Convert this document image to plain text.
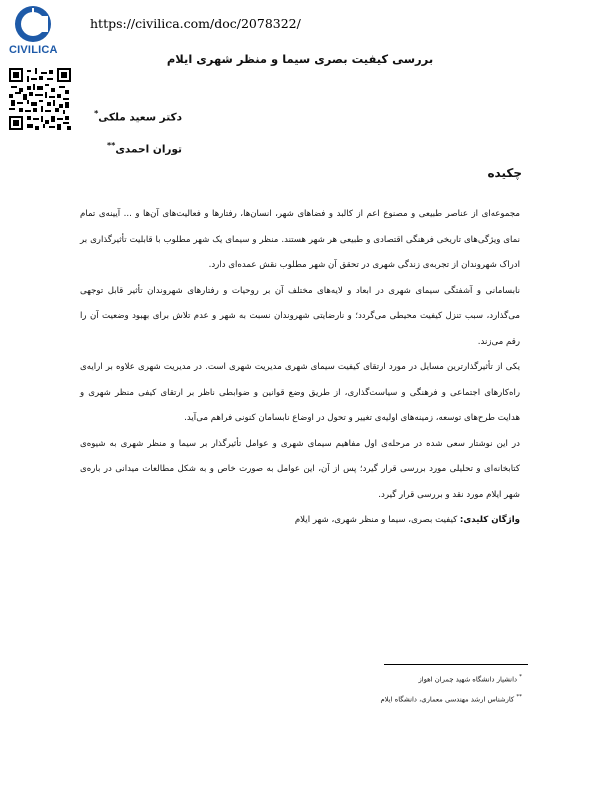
CIVILICA
https://civilica.com/doc/2078322/
بررسی کیفیت بصری سیما و منظر شهری ایلام
دکتر سعید ملکی*
توران احمدی**
چکیده

مجموعه‌ای از عناصر طبیعی و مصنوع اعم از کالبد و فضاهای شهر، انسان‌ها، رفتارها و فعالیت‌های آن‌ها و ... آیینه‌ی تمام نمای ویژگی‌های تاریخی فرهنگی اقتصادی و طبیعی هر شهر هستند. منظر و سیمای یک شهر مطلوب با قابلیت تأثیرگذاری بر ادراک شهروندان از تجربه‌ی زندگی شهری در تحقق آن شهر مطلوب نقش عمده‌ای دارد.

نابسامانی و آشفتگی سیمای شهری در ابعاد و لایه‌های مختلف آن بر روحیات و رفتارهای شهروندان تأثیر قابل توجهی می‌گذارد، سبب تنزل کیفیت محیطی می‌گردد؛ و نارضایتی شهروندان نسبت به شهر و عدم تلاش برای بهبود وضعیت آن را رقم می‌زند.

یکی از تأثیرگذارترین مسایل در مورد ارتقای کیفیت سیمای شهری مدیریت شهری است. در مدیریت شهری علاوه بر ارایه‌ی راه‌کارهای اجتماعی و فرهنگی و سیاست‌گذاری، از طریق وضع قوانین و ضوابطی ناظر بر ارتقای کیفی منظر شهری و هدایت طرح‌های توسعه، زمینه‌های اولیه‌ی تغییر و تحول در اوضاع نابسامان کنونی فراهم می‌آید.

در این نوشتار سعی شده در مرحله‌ی اول مفاهیم سیمای شهری و عوامل تأثیرگذار بر سیما و منظر شهری به شیوه‌ی کتابخانه‌ای و تحلیلی مورد بررسی قرار گیرد؛ پس از آن، این عوامل به صورت خاص و به شکل مطالعات میدانی در باره‌ی شهر ایلام مورد نقد و بررسی قرار گیرد.

واژگان کلیدی: کیفیت بصری، سیما و منظر شهری، شهر ایلام

* دانشیار دانشگاه شهید چمران اهواز
** کارشناس ارشد مهندسی معماری، دانشگاه ایلام
